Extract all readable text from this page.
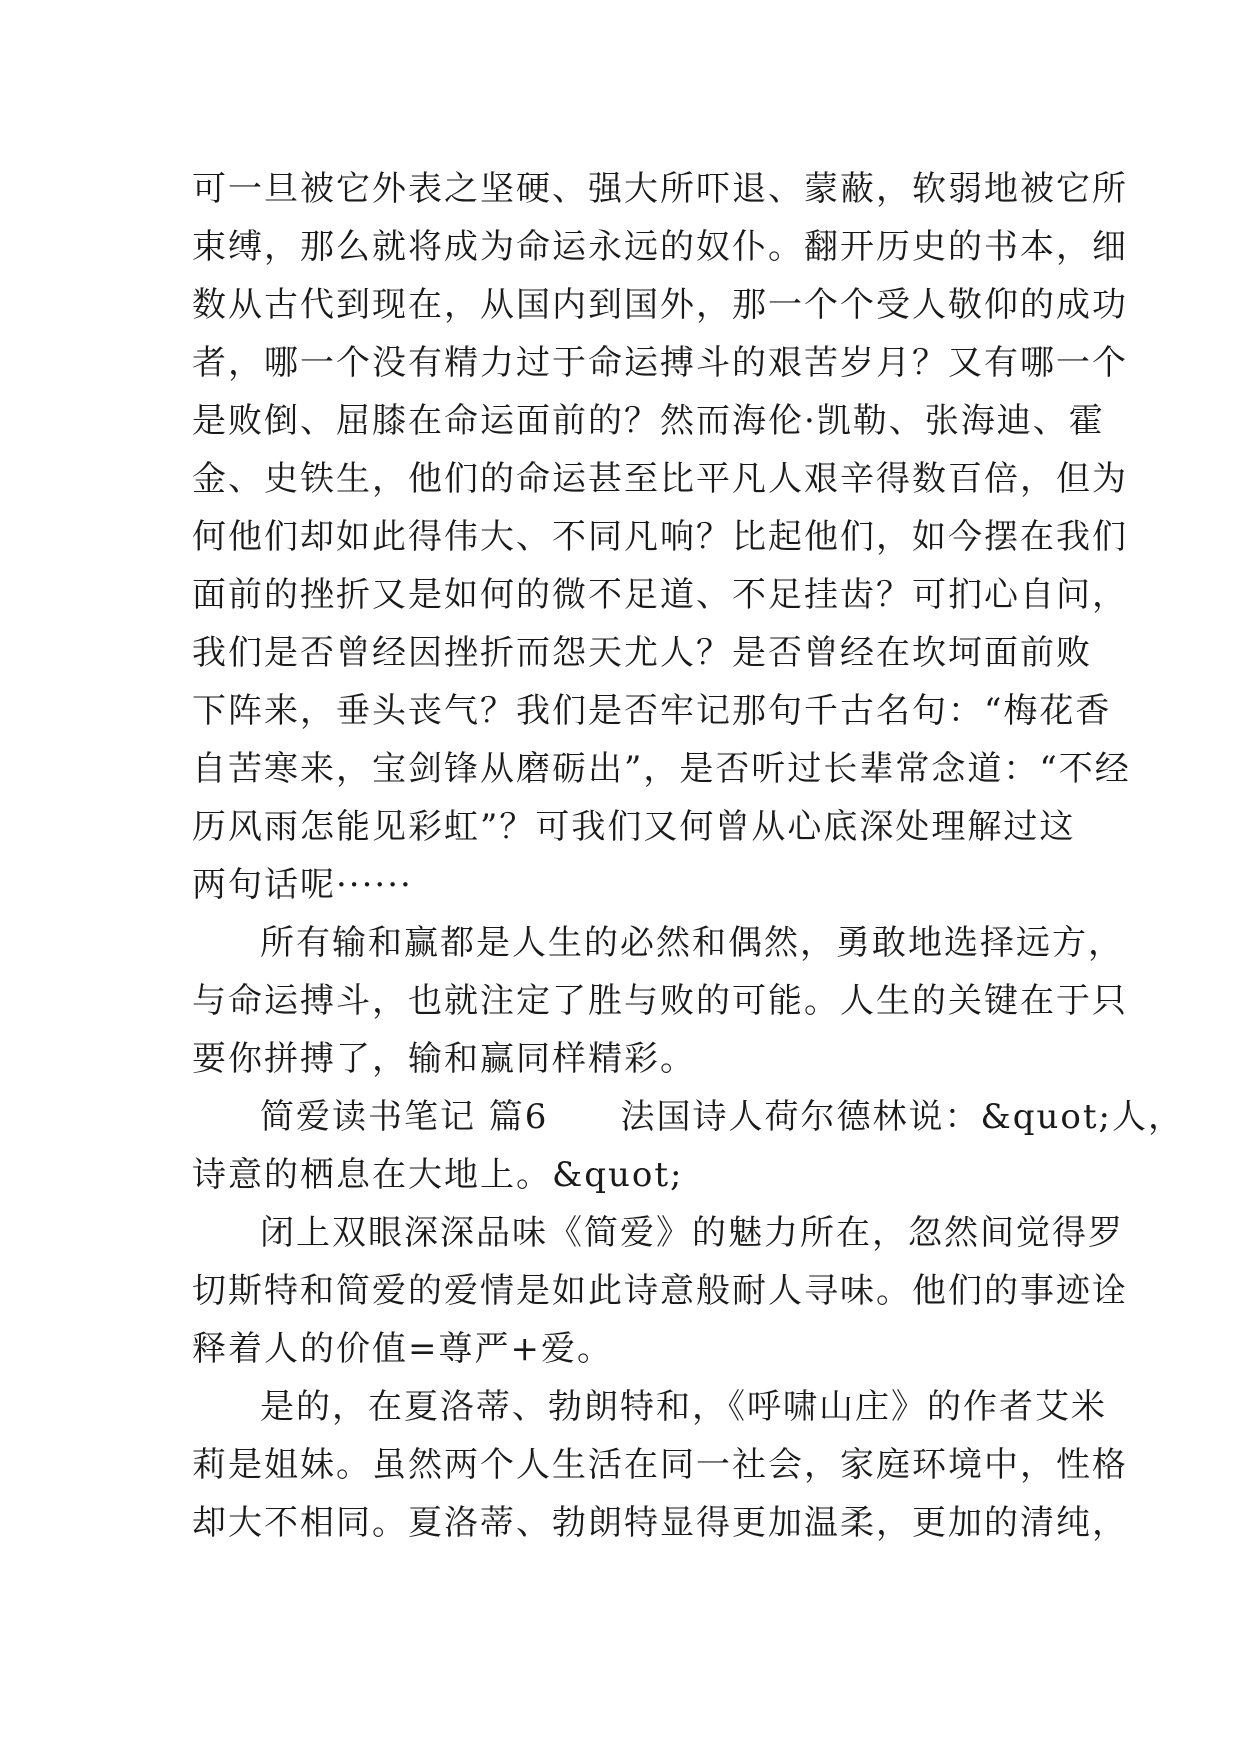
可一旦被它外表之坚硬、强大所吓退、蒙蔽，软弱地被它所
束缚，那么就将成为命运永远的奴仆。翻开历史的书本，细
数从古代到现在，从国内到国外，那一个个受人敬仰的成功
者，哪一个没有精力过于命运搏斗的艰苦岁月？又有哪一个
是败倒、屈膝在命运面前的？然而海伦·凯勒、张海迪、霍
金、史铁生，他们的命运甚至比平凡人艰辛得数百倍，但为
何他们却如此得伟大、不同凡响？比起他们，如今摆在我们
面前的挫折又是如何的微不足道、不足挂齿？可扪心自问，
我们是否曾经因挫折而怨天尤人？是否曾经在坎坷面前败
下阵来，垂头丧气？我们是否牢记那句千古名句：“梅花香
自苦寒来，宝剑锋从磨砺出”，是否听过长辈常念道：“不经
历风雨怎能见彩虹”？可我们又何曾从心底深处理解过这
两句话呢······
所有输和赢都是人生的必然和偶然，勇敢地选择远方，
与命运搏斗，也就注定了胜与败的可能。人生的关键在于只
要你拼搏了，输和赢同样精彩。
简爱读书笔记 篇6　　法国诗人荷尔德林说：&quot;人，
诗意的栖息在大地上。&quot;
闭上双眼深深品味《简爱》的魅力所在，忽然间觉得罗
切斯特和简爱的爱情是如此诗意般耐人寻味。他们的事迹诠
释着人的价值=尊严+爱。
是的，在夏洛蒂、勃朗特和，《呼啸山庄》的作者艾米
莉是姐妹。虽然两个人生活在同一社会，家庭环境中，性格
却大不相同。夏洛蒂、勃朗特显得更加温柔，更加的清纯，
